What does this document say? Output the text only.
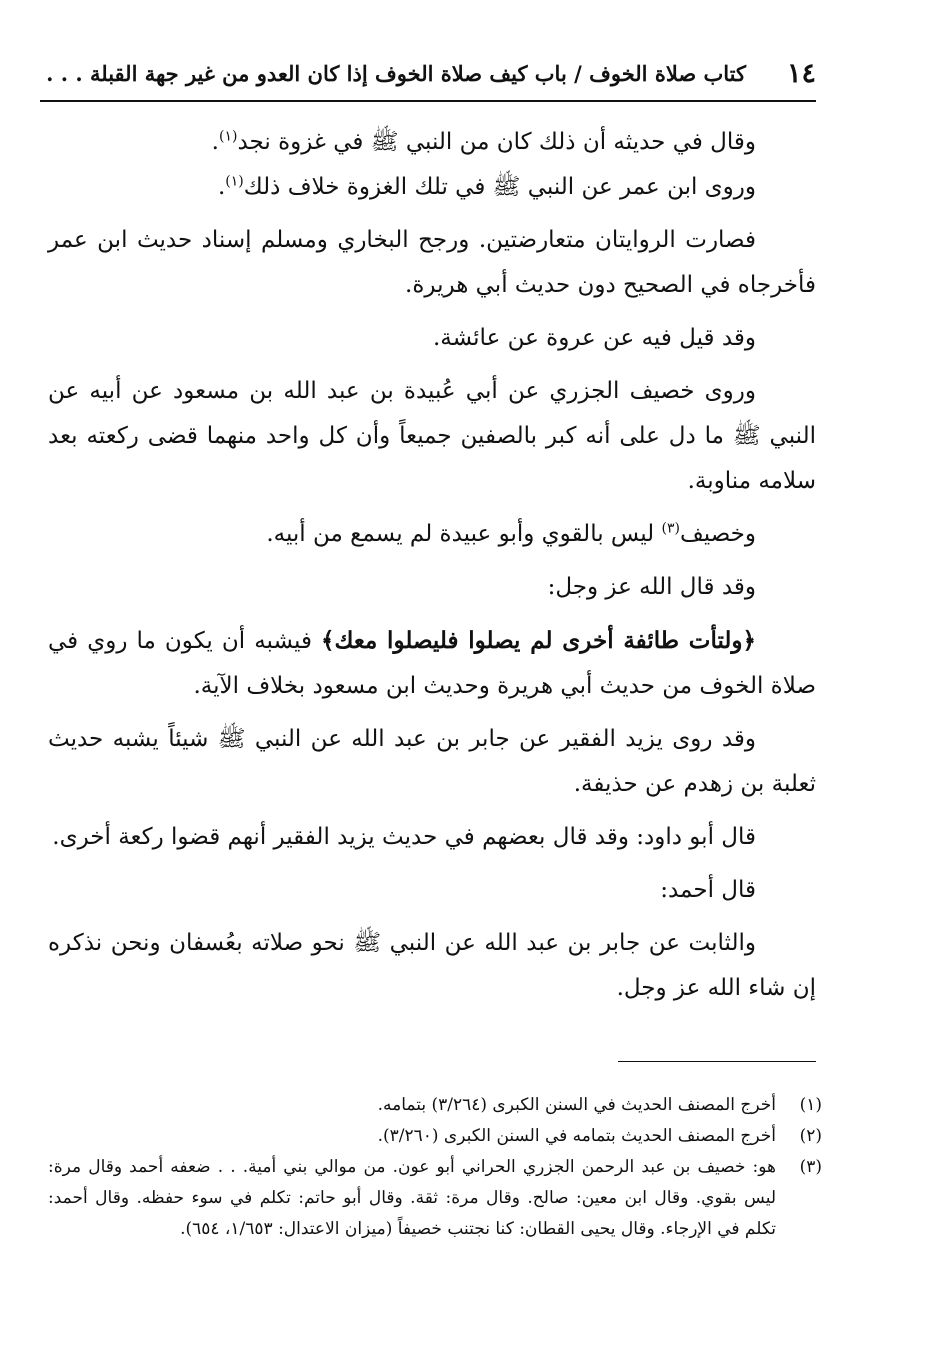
١٤
كتاب صلاة الخوف / باب كيف صلاة الخوف إذا كان العدو من غير جهة القبلة . . .

وقال في حديثه أن ذلك كان من النبي ﷺ في غزوة نجد$^{(١)}$.

وروى ابن عمر عن النبي ﷺ في تلك الغزوة خلاف ذلك$^{(١)}$.

فصارت الروايتان متعارضتين. ورجح البخاري ومسلم إسناد حديث ابن عمر فأخرجاه في الصحيح دون حديث أبي هريرة.

وقد قيل فيه عن عروة عن عائشة.

وروى خصيف الجزري عن أبي عُبيدة بن عبد الله بن مسعود عن أبيه عن النبي ﷺ ما دل على أنه كبر بالصفين جميعاً وأن كل واحد منهما قضى ركعته بعد سلامه مناوبة.

وخصيف$^{(٣)}$ ليس بالقوي وأبو عبيدة لم يسمع من أبيه.

وقد قال الله عز وجل:

﴿ولتأت طائفة أخرى لم يصلوا فليصلوا معك﴾ فيشبه أن يكون ما روي في صلاة الخوف من حديث أبي هريرة وحديث ابن مسعود بخلاف الآية.

وقد روى يزيد الفقير عن جابر بن عبد الله عن النبي ﷺ شيئاً يشبه حديث ثعلبة بن زهدم عن حذيفة.

قال أبو داود: وقد قال بعضهم في حديث يزيد الفقير أنهم قضوا ركعة أخرى.

قال أحمد:

والثابت عن جابر بن عبد الله عن النبي ﷺ نحو صلاته بعُسفان ونحن نذكره إن شاء الله عز وجل.

(١)
أخرج المصنف الحديث في السنن الكبرى (٣/٢٦٤) بتمامه.

(٢)
أخرج المصنف الحديث بتمامه في السنن الكبرى (٣/٢٦٠).

(٣)
هو: خصيف بن عبد الرحمن الجزري الحراني أبو عون. من موالي بني أمية. . . ضعفه أحمد وقال مرة: ليس بقوي. وقال ابن معين: صالح. وقال مرة: ثقة. وقال أبو حاتم: تكلم في سوء حفظه. وقال أحمد: تكلم في الإرجاء. وقال يحيى القطان: كنا نجتنب خصيفاً (ميزان الاعتدال: ١/٦٥٣، ٦٥٤).
